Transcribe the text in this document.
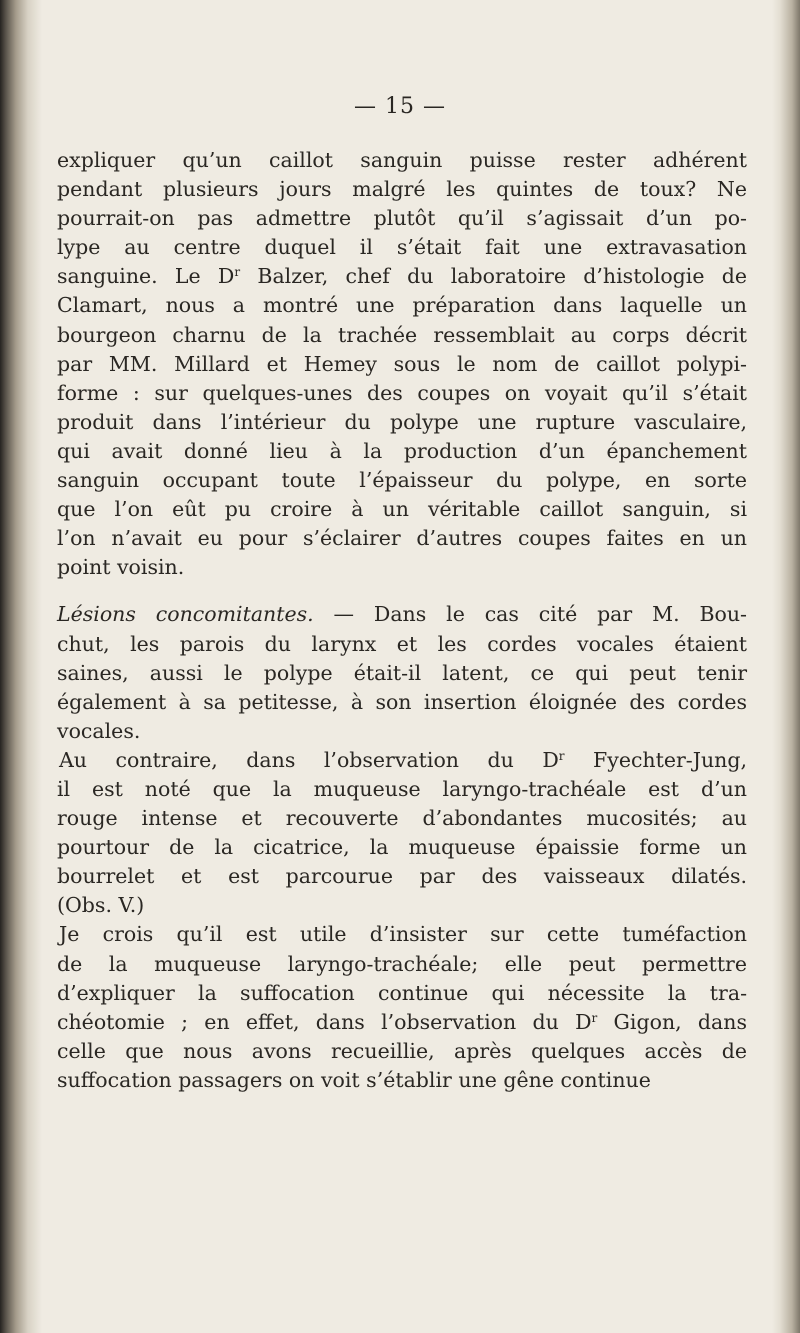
— 15 —

expliquer qu’un caillot sanguin puisse rester adhérent
pendant plusieurs jours malgré les quintes de toux? Ne
pourrait-on pas admettre plutôt qu’il s’agissait d’un po-
lype au centre duquel il s’était fait une extravasation
sanguine. Le $D^r$ Balzer, chef du laboratoire d’histologie de
Clamart, nous a montré une préparation dans laquelle un
bourgeon charnu de la trachée ressemblait au corps décrit
par MM. Millard et Hemey sous le nom de caillot polypi-
forme : sur quelques-unes des coupes on voyait qu’il s’était
produit dans l’intérieur du polype une rupture vasculaire,
qui avait donné lieu à la production d’un épanchement
sanguin occupant toute l’épaisseur du polype, en sorte
que l’on eût pu croire à un véritable caillot sanguin, si
l’on n’avait eu pour s’éclairer d’autres coupes faites en un
point voisin.

Lésions concomitantes. — Dans le cas cité par M. Bou-
chut, les parois du larynx et les cordes vocales étaient
saines, aussi le polype était-il latent, ce qui peut tenir
également à sa petitesse, à son insertion éloignée des cordes
vocales.

Au contraire, dans l’observation du $D^r$ Fyechter-Jung,
il est noté que la muqueuse laryngo-trachéale est d’un
rouge intense et recouverte d’abondantes mucosités; au
pourtour de la cicatrice, la muqueuse épaissie forme un
bourrelet et est parcourue par des vaisseaux dilatés.
(Obs. V.)

Je crois qu’il est utile d’insister sur cette tuméfaction
de la muqueuse laryngo-trachéale; elle peut permettre
d’expliquer la suffocation continue qui nécessite la tra-
chéotomie ; en effet, dans l’observation du $D^r$ Gigon, dans
celle que nous avons recueillie, après quelques accès de
suffocation passagers on voit s’établir une gêne continue
